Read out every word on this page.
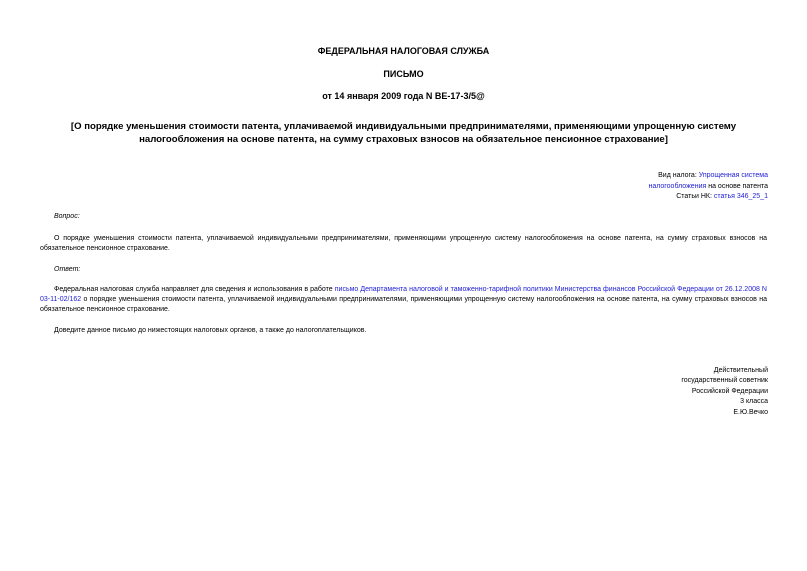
ФЕДЕРАЛЬНАЯ НАЛОГОВАЯ СЛУЖБА
ПИСЬМО
от 14 января 2009 года N ВЕ-17-3/5@
[О порядке уменьшения стоимости патента, уплачиваемой индивидуальными предпринимателями, применяющими упрощенную систему налогообложения на основе патента, на сумму страховых взносов на обязательное пенсионное страхование]
Вид налога: Упрощенная система
налогообложения на основе патента
Статьи НК: статья 346_25_1
Вопрос:
О порядке уменьшения стоимости патента, уплачиваемой индивидуальными предпринимателями, применяющими упрощенную систему налогообложения на основе патента, на сумму страховых взносов на обязательное пенсионное страхование.
Ответ:
Федеральная налоговая служба направляет для сведения и использования в работе письмо Департамента налоговой и таможенно-тарифной политики Министерства финансов Российской Федерации от 26.12.2008 N 03-11-02/162 о порядке уменьшения стоимости патента, уплачиваемой индивидуальными предпринимателями, применяющими упрощенную систему налогообложения на основе патента, на сумму страховых взносов на обязательное пенсионное страхование.
Доведите данное письмо до нижестоящих налоговых органов, а также до налогоплательщиков.
Действительный
государственный советник
Российской Федерации
3 класса
Е.Ю.Вечко
